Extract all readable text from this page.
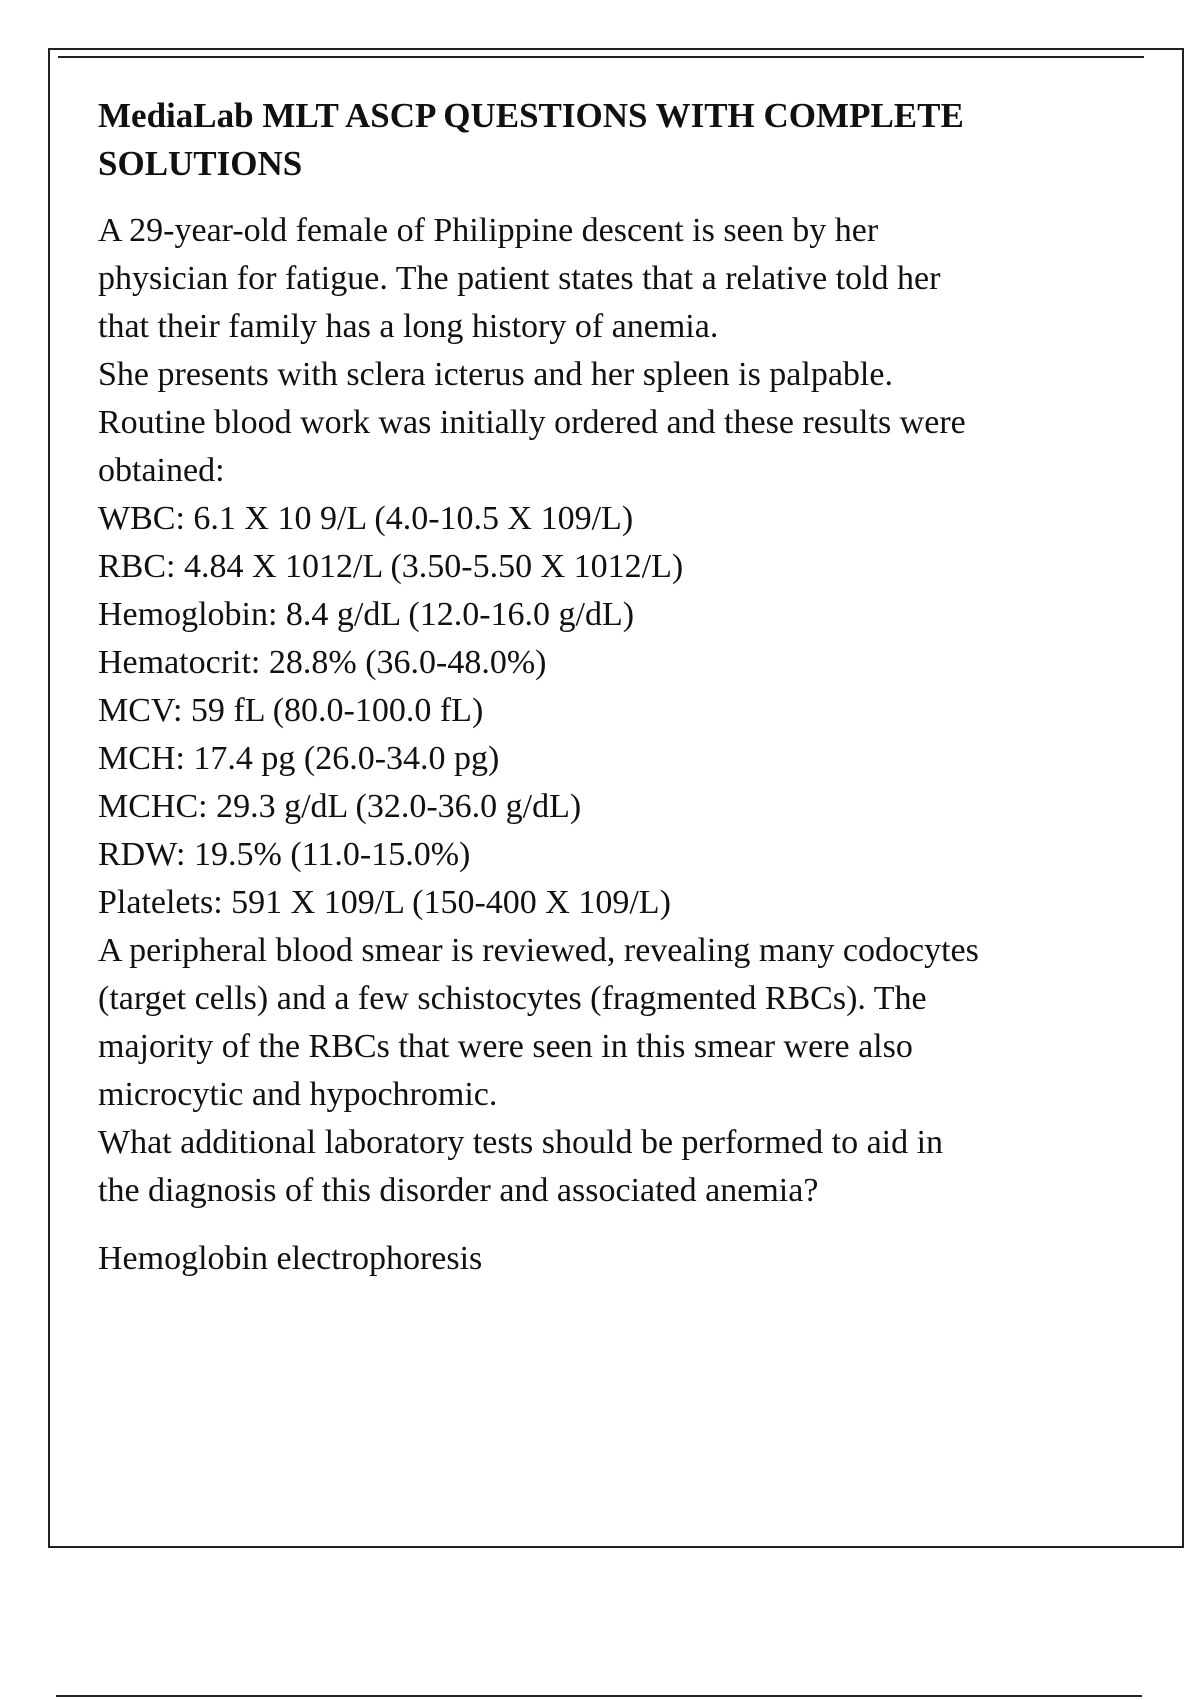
MediaLab MLT ASCP QUESTIONS WITH COMPLETE
SOLUTIONS
A 29-year-old female of Philippine descent is seen by her
physician for fatigue. The patient states that a relative told her
that their family has a long history of anemia.
She presents with sclera icterus and her spleen is palpable.
Routine blood work was initially ordered and these results were
obtained:
WBC: 6.1 X 10 9/L (4.0-10.5 X 109/L)
RBC: 4.84 X 1012/L (3.50-5.50 X 1012/L)
Hemoglobin: 8.4 g/dL (12.0-16.0 g/dL)
Hematocrit: 28.8% (36.0-48.0%)
MCV: 59 fL (80.0-100.0 fL)
MCH: 17.4 pg (26.0-34.0 pg)
MCHC: 29.3 g/dL (32.0-36.0 g/dL)
RDW: 19.5% (11.0-15.0%)
Platelets: 591 X 109/L (150-400 X 109/L)
A peripheral blood smear is reviewed, revealing many codocytes
(target cells) and a few schistocytes (fragmented RBCs). The
majority of the RBCs that were seen in this smear were also
microcytic and hypochromic.
What additional laboratory tests should be performed to aid in
the diagnosis of this disorder and associated anemia?
Hemoglobin electrophoresis
